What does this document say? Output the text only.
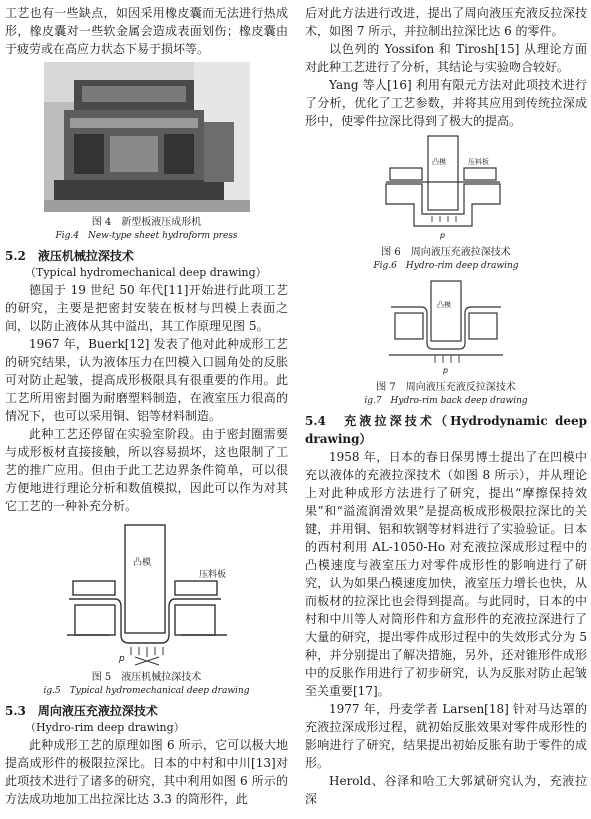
工艺也有一些缺点，如因采用橡皮囊而无法进行热成形，橡皮囊对一些软金属会造成表面划伤；橡皮囊由于疲劳或在高应力状态下易于损坏等。

图 4　新型板液压成形机

Fig.4　New-type sheet hydroform press

5.2　液压机械拉深技术

（Typical hydromechanical deep drawing）

德国于 19 世纪 50 年代[11]开始进行此项工艺的研究，主要是把密封安装在板材与凹模上表面之间，以防止液体从其中溢出，其工作原理见图 5。

1967 年，Buerk[12] 发表了他对此种成形工艺的研究结果，认为液体压力在凹模入口圆角处的反胀可对防止起皱，提高成形极限具有很重要的作用。此工艺所用密封圈为耐磨塑料制造，在液室压力很高的情况下，也可以采用铜、铝等材料制造。

此种工艺还停留在实验室阶段。由于密封圈需要与成形板材直接接触，所以容易损坏，这也限制了工艺的推广应用。但由于此工艺边界条件简单，可以很方便地进行理论分析和数值模拟，因此可以作为对其它工艺的一种补充分析。

凸模
压料板
p

图 5　液压机械拉深技术

ig.5　Typical hydromechanical deep drawing

5.3　周向液压充液拉深技术

（Hydro-rim deep drawing）

此种成形工艺的原理如图 6 所示，它可以极大地提高成形件的极限拉深比。日本的中村和中川[13]对此项技术进行了诸多的研究，其中利用如图 6 所示的方法成功地加工出拉深比达 3.3 的筒形件，此

后对此方法进行改进，提出了周向液压充液反拉深技术，如图 7 所示，并拉制出拉深比达 6 的零件。

以色列的 Yossifon 和 Tirosh[15] 从理论方面对此种工艺进行了分析，其结论与实验吻合较好。

Yang 等人[16] 利用有限元方法对此项技术进行了分析，优化了工艺参数，并将其应用到传统拉深成形中，使零件拉深比得到了极大的提高。

凸模	压料板
p

图 6　周向液压充液拉深技术

Fig.6　Hydro-rim deep drawing

凸模
p

图 7　周向液压充液反拉深技术

ig.7　Hydro-rim back deep drawing

5.4　充液拉深技术（Hydrodynamic deep drawing）

1958 年，日本的春日保男博士提出了在凹模中充以液体的充液拉深技术（如图 8 所示），并从理论上对此种成形方法进行了研究，提出“摩擦保持效果”和“溢流润滑效果”是提高板成形极限拉深比的关键，并用铜、铝和软钢等材料进行了实验验证。日本的西村利用 AL-1050-Ho 对充液拉深成形过程中的凸模速度与液室压力对零件成形性的影响进行了研究，认为如果凸模速度加快，液室压力增长也快，从而板材的拉深比也会得到提高。与此同时，日本的中村和中川等人对筒形件和方盒形件的充液拉深进行了大量的研究，提出零件成形过程中的失效形式分为 5 种，并分别提出了解决措施，另外，还对锥形件成形中的反胀作用进行了初步研究，认为反胀对防止起皱至关重要[17]。

1977 年，丹麦学者 Larsen[18] 针对马达罩的充液拉深成形过程，就初始反胀效果对零件成形性的影响进行了研究，结果提出初始反胀有助于零件的成形。

Herold、谷泽和哈工大郭斌研究认为，充液拉深
